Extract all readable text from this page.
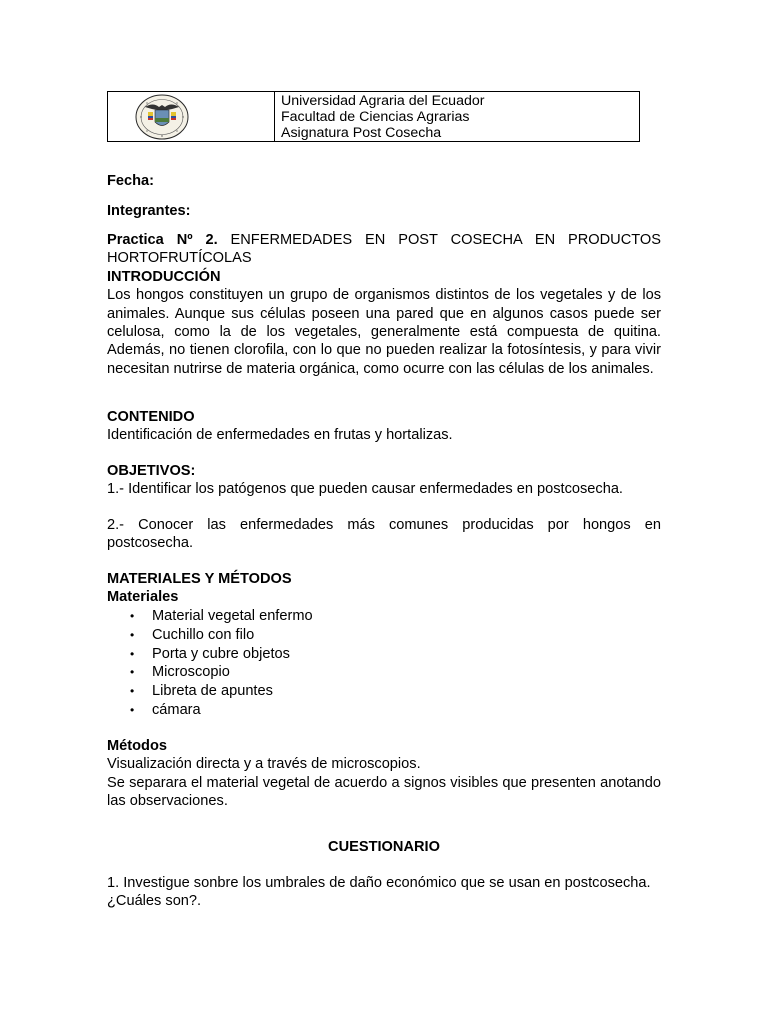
Universidad Agraria del Ecuador
Facultad de Ciencias Agrarias
Asignatura Post Cosecha
Fecha:
Integrantes:

Practica Nº 2. ENFERMEDADES EN POST COSECHA EN PRODUCTOS

HORTOFRUTÍCOLAS

INTRODUCCIÓN

Los hongos constituyen un grupo de organismos distintos de los vegetales y de los animales. Aunque sus células poseen una pared que en algunos casos puede ser celulosa, como la de los vegetales, generalmente está compuesta de quitina. Además, no tienen clorofila, con lo que no pueden realizar la fotosíntesis, y para vivir necesitan nutrirse de materia orgánica, como ocurre con las células de los animales.

CONTENIDO

Identificación de enfermedades en frutas y hortalizas.

OBJETIVOS:

1.- Identificar los patógenos que pueden causar enfermedades en postcosecha.

2.- Conocer las enfermedades más comunes producidas por hongos en postcosecha.

MATERIALES Y MÉTODOS

Materiales

• Material vegetal enfermo
• Cuchillo con filo
• Porta y cubre objetos
• Microscopio
• Libreta de apuntes
• cámara

Métodos

Visualización directa y a través de microscopios.

Se separara el material vegetal de acuerdo a signos visibles que presenten anotando las observaciones.

CUESTIONARIO

1. Investigue sonbre los umbrales de daño económico que se usan en postcosecha.

¿Cuáles son?.
